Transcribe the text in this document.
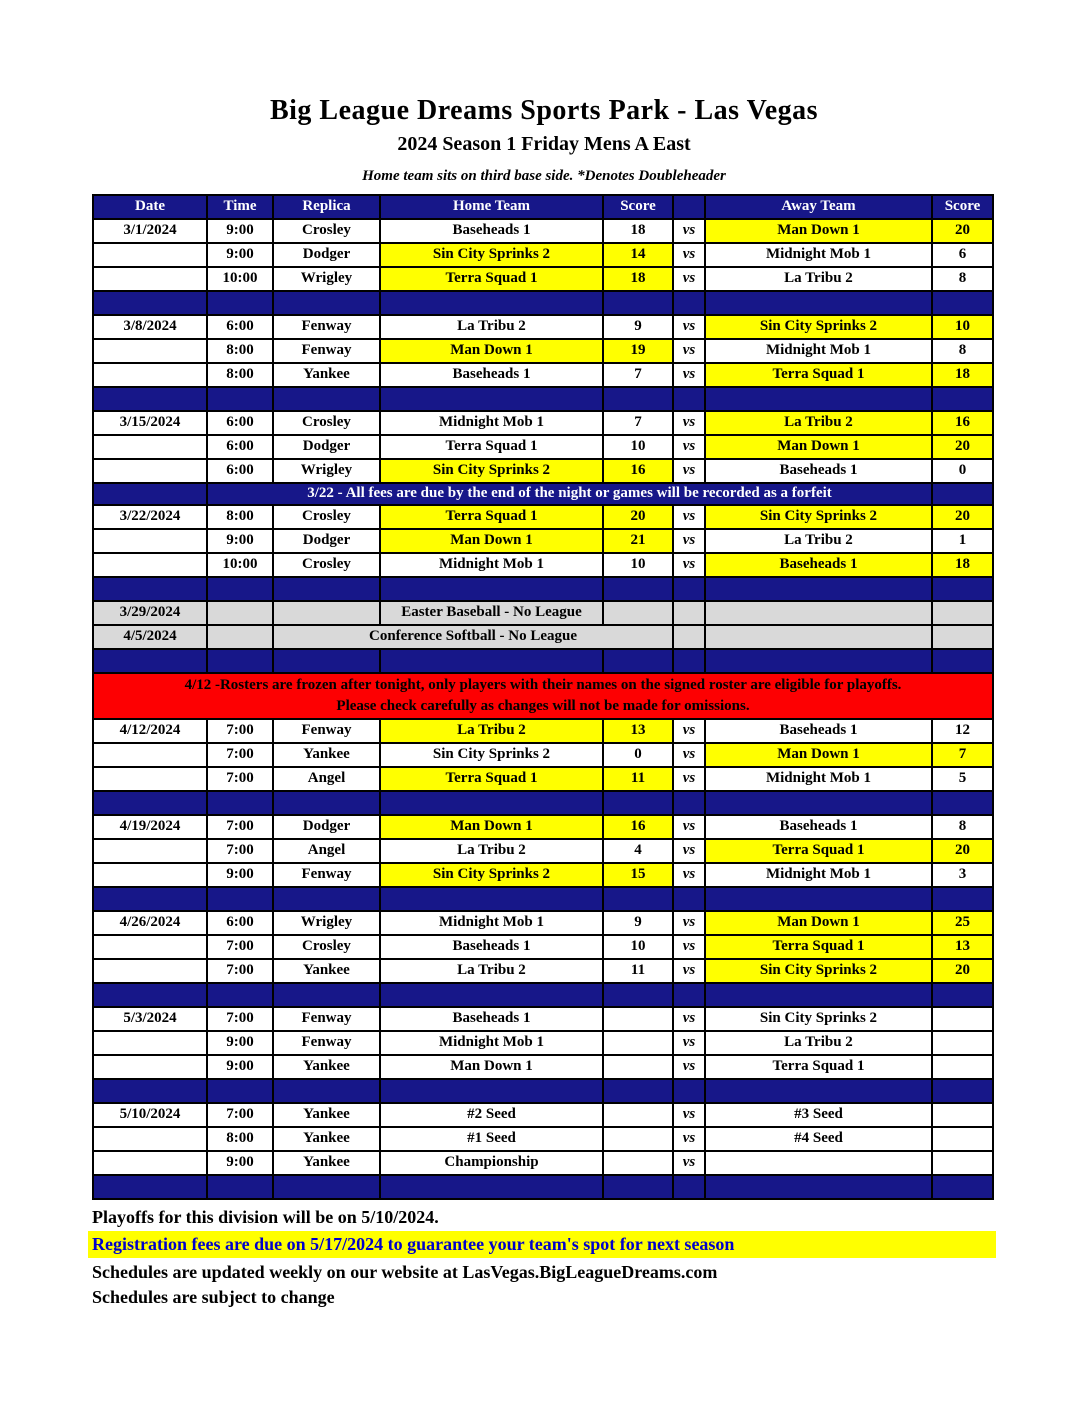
Big League Dreams Sports Park - Las Vegas
2024 Season 1 Friday Mens A East
Home team sits on third base side. *Denotes Doubleheader
Date	Time	Replica	Home Team	Score		Away Team	Score
3/1/2024	9:00	Crosley	Baseheads 1	18	vs	Man Down 1	20
	9:00	Dodger	Sin City Sprinks 2	14	vs	Midnight Mob 1	6
	10:00	Wrigley	Terra Squad 1	18	vs	La Tribu 2	8

3/8/2024	6:00	Fenway	La Tribu 2	9	vs	Sin City Sprinks 2	10
	8:00	Fenway	Man Down 1	19	vs	Midnight Mob 1	8
	8:00	Yankee	Baseheads 1	7	vs	Terra Squad 1	18

3/15/2024	6:00	Crosley	Midnight Mob 1	7	vs	La Tribu 2	16
	6:00	Dodger	Terra Squad 1	10	vs	Man Down 1	20
	6:00	Wrigley	Sin City Sprinks 2	16	vs	Baseheads 1	0
	3/22 - All fees are due by the end of the night or games will be recorded as a forfeit						
3/22/2024	8:00	Crosley	Terra Squad 1	20	vs	Sin City Sprinks 2	20
	9:00	Dodger	Man Down 1	21	vs	La Tribu 2	1
	10:00	Crosley	Midnight Mob 1	10	vs	Baseheads 1	18

3/29/2024			Easter Baseball - No League				
4/5/2024		Conference Softball - No League					

4/12 -Rosters are frozen after tonight, only players with their names on the signed roster are eligible for playoffs.
Please check carefully as changes will not be made for omissions.							

4/12/2024	7:00	Fenway	La Tribu 2	13	vs	Baseheads 1	12
	7:00	Yankee	Sin City Sprinks 2	0	vs	Man Down 1	7
	7:00	Angel	Terra Squad 1	11	vs	Midnight Mob 1	5

4/19/2024	7:00	Dodger	Man Down 1	16	vs	Baseheads 1	8
	7:00	Angel	La Tribu 2	4	vs	Terra Squad 1	20
	9:00	Fenway	Sin City Sprinks 2	15	vs	Midnight Mob 1	3

4/26/2024	6:00	Wrigley	Midnight Mob 1	9	vs	Man Down 1	25
	7:00	Crosley	Baseheads 1	10	vs	Terra Squad 1	13
	7:00	Yankee	La Tribu 2	11	vs	Sin City Sprinks 2	20

5/3/2024	7:00	Fenway	Baseheads 1		vs	Sin City Sprinks 2	
	9:00	Fenway	Midnight Mob 1		vs	La Tribu 2	
	9:00	Yankee	Man Down 1		vs	Terra Squad 1	

5/10/2024	7:00	Yankee	#2 Seed		vs	#3 Seed	
	8:00	Yankee	#1 Seed		vs	#4 Seed	
	9:00	Yankee	Championship		vs		

Playoffs for this division will be on 5/10/2024.
Registration fees are due on 5/17/2024 to guarantee your team's spot for next season
Schedules are updated weekly on our website at LasVegas.BigLeagueDreams.com
Schedules are subject to change
